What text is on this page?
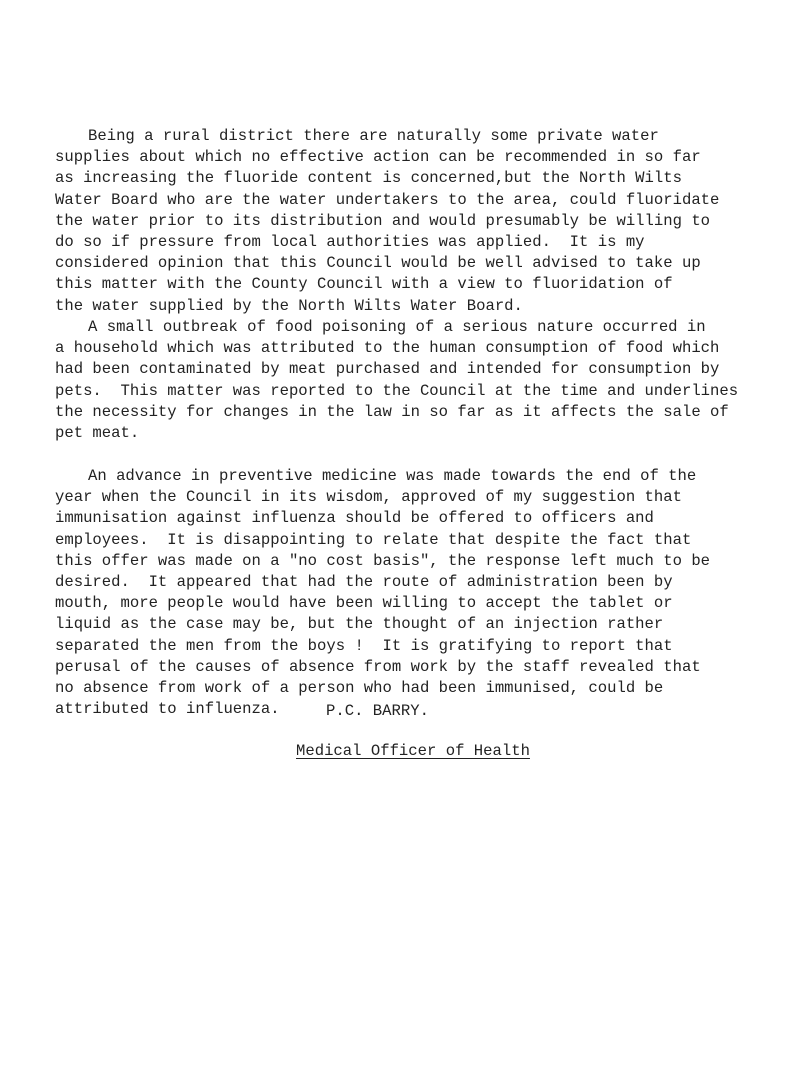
Being a rural district there are naturally some private water
supplies about which no effective action can be recommended in so far
as increasing the fluoride content is concerned,but the North Wilts
Water Board who are the water undertakers to the area, could fluoridate
the water prior to its distribution and would presumably be willing to
do so if pressure from local authorities was applied.  It is my
considered opinion that this Council would be well advised to take up
this matter with the County Council with a view to fluoridation of
the water supplied by the North Wilts Water Board.
A small outbreak of food poisoning of a serious nature occurred in
a household which was attributed to the human consumption of food which
had been contaminated by meat purchased and intended for consumption by
pets.  This matter was reported to the Council at the time and underlines
the necessity for changes in the law in so far as it affects the sale of
pet meat.
An advance in preventive medicine was made towards the end of the
year when the Council in its wisdom, approved of my suggestion that
immunisation against influenza should be offered to officers and
employees.  It is disappointing to relate that despite the fact that
this offer was made on a "no cost basis", the response left much to be
desired.  It appeared that had the route of administration been by
mouth, more people would have been willing to accept the tablet or
liquid as the case may be, but the thought of an injection rather
separated the men from the boys !  It is gratifying to report that
perusal of the causes of absence from work by the staff revealed that
no absence from work of a person who had been immunised, could be
attributed to influenza.	P.C. BARRY.
Medical Officer of Health
